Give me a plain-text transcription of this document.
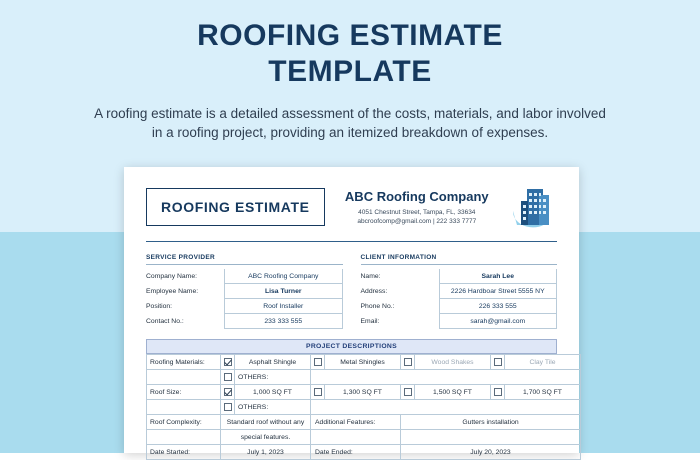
ROOFING ESTIMATE
TEMPLATE

A roofing estimate is a detailed assessment of the costs, materials, and labor involved
in a roofing project, providing an itemized breakdown of expenses.

ROOFING ESTIMATE
ABC Roofing Company
4051 Chestnut Street, Tampa, FL, 33634
abcroofcomp@gmail.com | 222 333 7777
SERVICE PROVIDER
Company Name:	ABC Roofing Company
Employee Name:	Lisa Turner
Position:	Roof Installer
Contact No.:	233 333 555
CLIENT INFORMATION
Name:	Sarah Lee
Address:	2226 Hardboar Street 5555 NY
Phone No.:	226 333 555
Email:	sarah@gmail.com
PROJECT DESCRIPTIONS
Roofing Materials:		Asphalt Shingle		Metal Shingles		Wood Shakes		Clay Tile
		OTHERS:						
Roof Size:		1,000 SQ FT		1,300 SQ FT		1,500 SQ FT		1,700 SQ FT
		OTHERS:						
Roof Complexity:	Standard roof without any		Additional Features:		Gutters installation			
	special features.							
Date Started:	July 1, 2023		Date Ended:		July 20, 2023			
